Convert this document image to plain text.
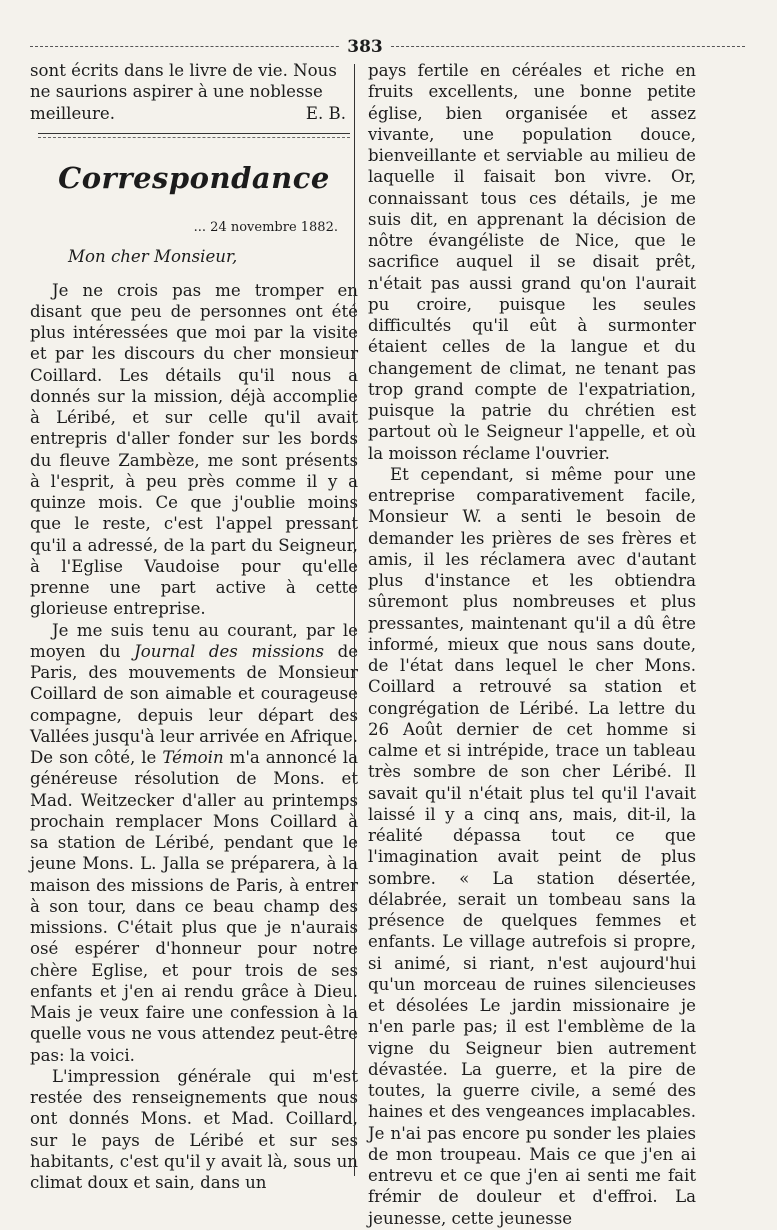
383

sont écrits dans le livre de vie. Nous

ne saurions aspirer à une noblesse

meilleure.	E. B.
Correspondance
... 24 novembre 1882.
Mon cher Monsieur,

Je ne crois pas me tromper en disant que peu de personnes ont été plus intéressées que moi par la visite et par les discours du cher monsieur Coillard. Les détails qu'il nous a donnés sur la mission, déjà accomplie à Léribé, et sur celle qu'il avait entrepris d'aller fonder sur les bords du fleuve Zambèze, me sont présents à l'esprit, à peu près comme il y a quinze mois. Ce que j'oublie moins que le reste, c'est l'appel pressant qu'il a adressé, de la part du Seigneur, à l'Eglise Vaudoise pour qu'elle prenne une part active à cette glorieuse entreprise.

Je me suis tenu au courant, par le moyen du Journal des missions de Paris, des mouvements de Monsieur Coillard de son aimable et courageuse compagne, depuis leur départ des Vallées jusqu'à leur arrivée en Afrique. De son côté, le Témoin m'a annoncé la généreuse résolution de Mons. et Mad. Weitzecker d'aller au printemps prochain remplacer Mons Coillard à sa station de Léribé, pendant que le jeune Mons. L. Jalla se préparera, à la maison des missions de Paris, à entrer à son tour, dans ce beau champ des missions. C'était plus que je n'aurais osé espérer d'honneur pour notre chère Eglise, et pour trois de ses enfants et j'en ai rendu grâce à Dieu. Mais je veux faire une confession à la quelle vous ne vous attendez peut-être pas: la voici.

L'impression générale qui m'est restée des renseignements que nous ont donnés Mons. et Mad. Coillard, sur le pays de Léribé et sur ses habitants, c'est qu'il y avait là, sous un climat doux et sain, dans un

pays fertile en céréales et riche en fruits excellents, une bonne petite église, bien organisée et assez vivante, une population douce, bienveillante et serviable au milieu de laquelle il faisait bon vivre. Or, connaissant tous ces détails, je me suis dit, en apprenant la décision de nôtre évangéliste de Nice, que le sacrifice auquel il se disait prêt, n'était pas aussi grand qu'on l'aurait pu croire, puisque les seules difficultés qu'il eût à surmonter étaient celles de la langue et du changement de climat, ne tenant pas trop grand compte de l'expatriation, puisque la patrie du chrétien est partout où le Seigneur l'appelle, et où la moisson réclame l'ouvrier.

Et cependant, si même pour une entreprise comparativement facile, Monsieur W. a senti le besoin de demander les prières de ses frères et amis, il les réclamera avec d'autant plus d'instance et les obtiendra sûremont plus nombreuses et plus pressantes, maintenant qu'il a dû être informé, mieux que nous sans doute, de l'état dans lequel le cher Mons. Coillard a retrouvé sa station et congrégation de Léribé. La lettre du 26 Août dernier de cet homme si calme et si intrépide, trace un tableau très sombre de son cher Léribé. Il savait qu'il n'était plus tel qu'il l'avait laissé il y a cinq ans, mais, dit-il, la réalité dépassa tout ce que l'imagination avait peint de plus sombre. « La station désertée, délabrée, serait un tombeau sans la présence de quelques femmes et enfants. Le village autrefois si propre, si animé, si riant, n'est aujourd'hui qu'un morceau de ruines silencieuses et désolées Le jardin missionaire je n'en parle pas; il est l'emblème de la vigne du Seigneur bien autrement dévastée. La guerre, et la pire de toutes, la guerre civile, a semé des haines et des vengeances implacables. Je n'ai pas encore pu sonder les plaies de mon troupeau. Mais ce que j'en ai entrevu et ce que j'en ai senti me fait frémir de douleur et d'effroi. La jeunesse, cette jeunesse
